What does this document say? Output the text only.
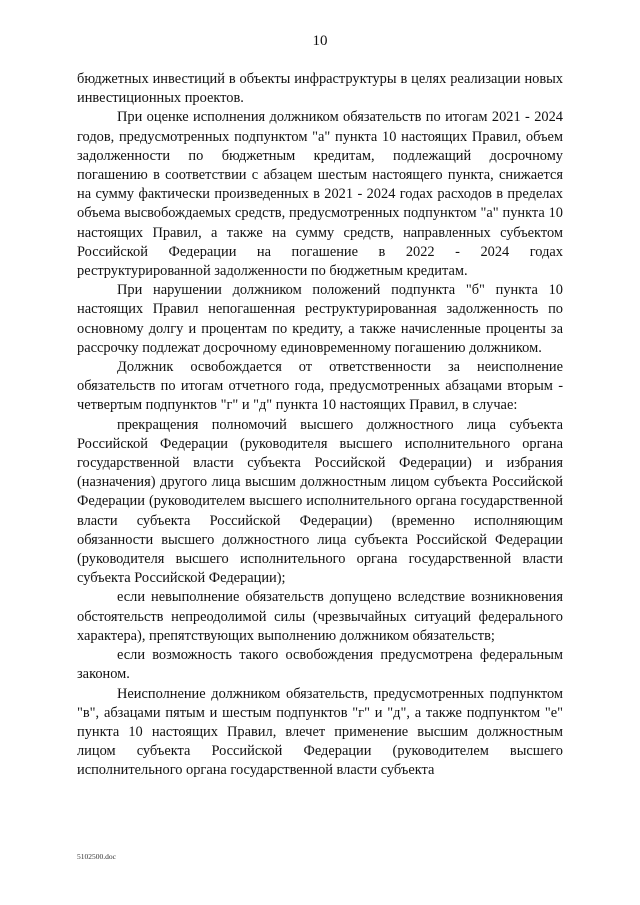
10

бюджетных инвестиций в объекты инфраструктуры в целях реализации новых инвестиционных проектов.

При оценке исполнения должником обязательств по итогам 2021 - 2024 годов, предусмотренных подпунктом "а" пункта 10 настоящих Правил, объем задолженности по бюджетным кредитам, подлежащий досрочному погашению в соответствии с абзацем шестым настоящего пункта, снижается на сумму фактически произведенных в 2021 - 2024 годах расходов в пределах объема высвобождаемых средств, предусмотренных подпунктом "а" пункта 10 настоящих Правил, а также на сумму средств, направленных субъектом Российской Федерации на погашение в 2022 - 2024 годах реструктурированной задолженности по бюджетным кредитам.

При нарушении должником положений подпункта "б" пункта 10 настоящих Правил непогашенная реструктурированная задолженность по основному долгу и процентам по кредиту, а также начисленные проценты за рассрочку подлежат досрочному единовременному погашению должником.

Должник освобождается от ответственности за неисполнение обязательств по итогам отчетного года, предусмотренных абзацами вторым - четвертым подпунктов "г" и "д" пункта 10 настоящих Правил, в случае:

прекращения полномочий высшего должностного лица субъекта Российской Федерации (руководителя высшего исполнительного органа государственной власти субъекта Российской Федерации) и избрания (назначения) другого лица высшим должностным лицом субъекта Российской Федерации (руководителем высшего исполнительного органа государственной власти субъекта Российской Федерации) (временно исполняющим обязанности высшего должностного лица субъекта Российской Федерации (руководителя высшего исполнительного органа государственной власти субъекта Российской Федерации);

если невыполнение обязательств допущено вследствие возникновения обстоятельств непреодолимой силы (чрезвычайных ситуаций федерального характера), препятствующих выполнению должником обязательств;

если возможность такого освобождения предусмотрена федеральным законом.

Неисполнение должником обязательств, предусмотренных подпунктом "в", абзацами пятым и шестым подпунктов "г" и "д", а также подпунктом "е" пункта 10 настоящих Правил, влечет применение высшим должностным лицом субъекта Российской Федерации (руководителем высшего исполнительного органа государственной власти субъекта

5102500.doc
